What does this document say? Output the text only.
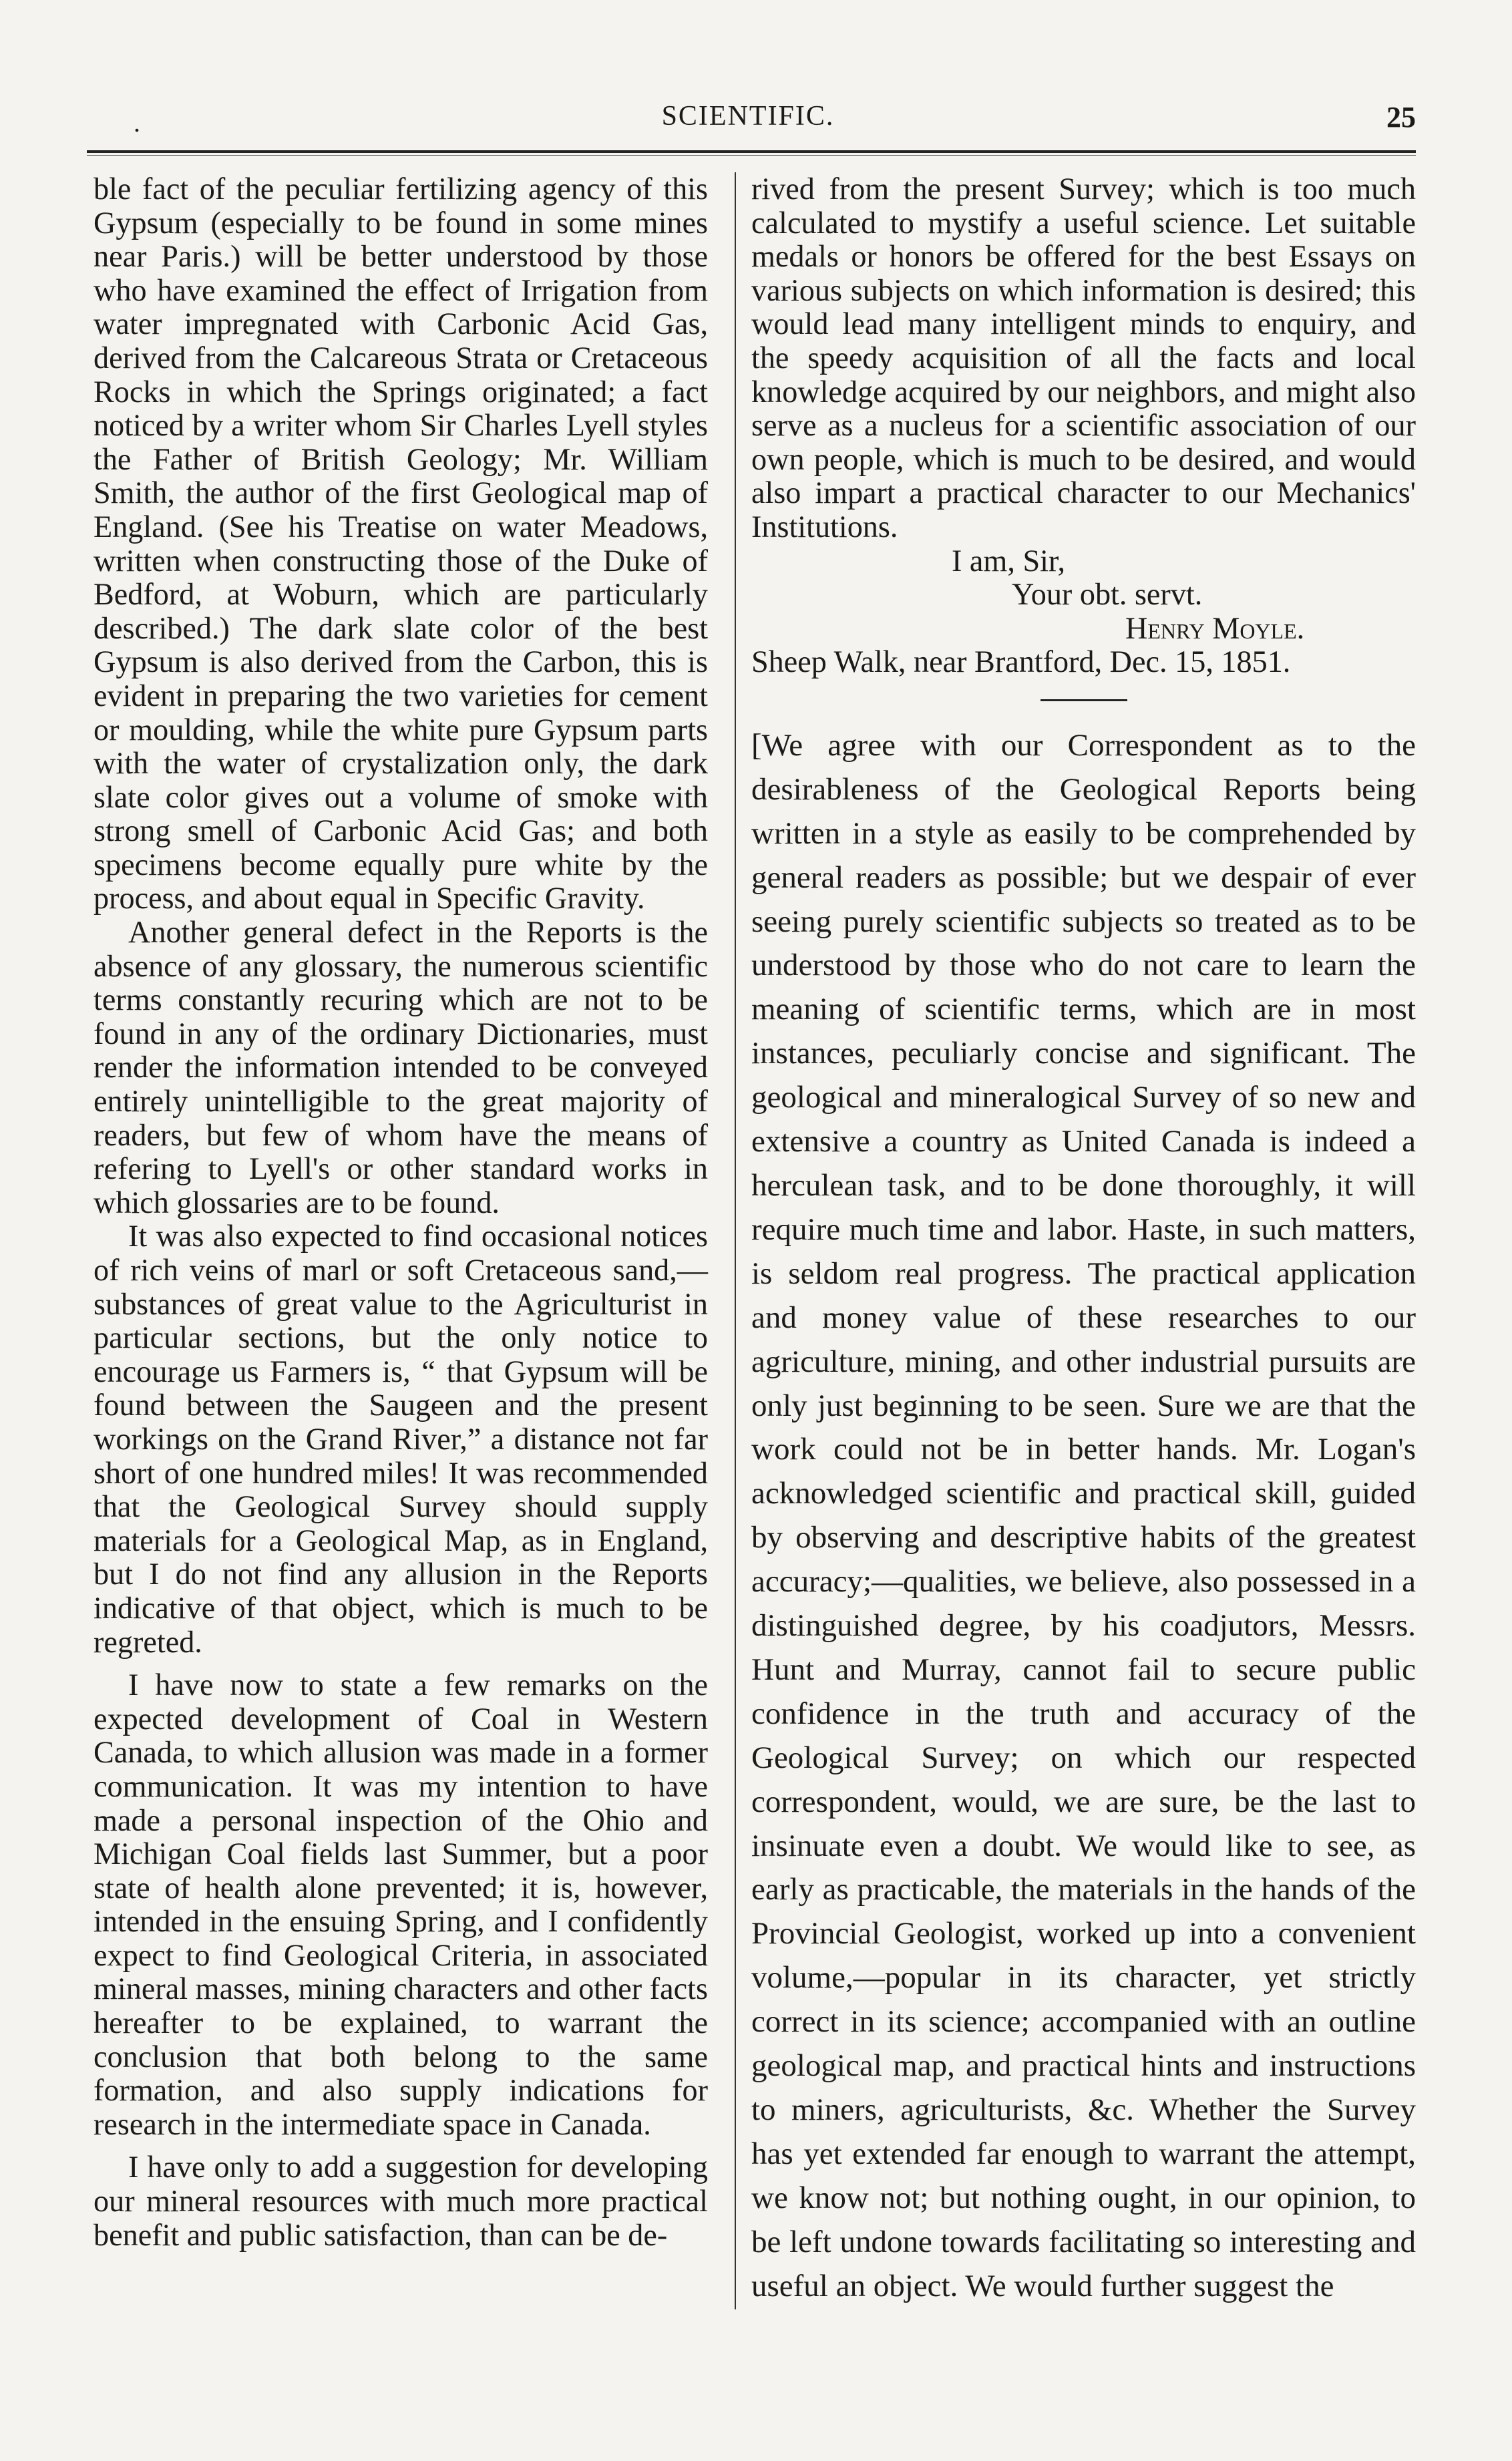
.	SCIENTIFIC.	25

ble fact of the peculiar fertilizing agency of this Gypsum (especially to be found in some mines near Paris.) will be better understood by those who have examined the effect of Irrigation from water impregnated with Carbonic Acid Gas, derived from the Calcareous Strata or Cretaceous Rocks in which the Springs originated; a fact noticed by a writer whom Sir Charles Lyell styles the Father of British Geology; Mr. William Smith, the author of the first Geological map of England. (See his Treatise on water Meadows, written when constructing those of the Duke of Bedford, at Woburn, which are particularly described.) The dark slate color of the best Gypsum is also derived from the Carbon, this is evident in preparing the two varieties for cement or moulding, while the white pure Gypsum parts with the water of crystalization only, the dark slate color gives out a volume of smoke with strong smell of Carbonic Acid Gas; and both specimens become equally pure white by the process, and about equal in Specific Gravity.

Another general defect in the Reports is the absence of any glossary, the numerous scientific terms constantly recuring which are not to be found in any of the ordinary Dictionaries, must render the information intended to be conveyed entirely unintelligible to the great majority of readers, but few of whom have the means of refering to Lyell's or other standard works in which glossaries are to be found.

It was also expected to find occasional notices of rich veins of marl or soft Cretaceous sand,—substances of great value to the Agriculturist in particular sections, but the only notice to encourage us Farmers is, “ that Gypsum will be found between the Saugeen and the present workings on the Grand River,” a distance not far short of one hundred miles! It was recommended that the Geological Survey should supply materials for a Geological Map, as in England, but I do not find any allusion in the Reports indicative of that object, which is much to be regreted.

I have now to state a few remarks on the expected development of Coal in Western Canada, to which allusion was made in a former communication. It was my intention to have made a personal inspection of the Ohio and Michigan Coal fields last Summer, but a poor state of health alone prevented; it is, however, intended in the ensuing Spring, and I confidently expect to find Geological Criteria, in associated mineral masses, mining characters and other facts hereafter to be explained, to warrant the conclusion that both belong to the same formation, and also supply indications for research in the intermediate space in Canada.

I have only to add a suggestion for developing our mineral resources with much more practical benefit and public satisfaction, than can be de-

rived from the present Survey; which is too much calculated to mystify a useful science. Let suitable medals or honors be offered for the best Essays on various subjects on which information is desired; this would lead many intelligent minds to enquiry, and the speedy acquisition of all the facts and local knowledge acquired by our neighbors, and might also serve as a nucleus for a scientific association of our own people, which is much to be desired, and would also impart a practical character to our Mechanics' Institutions.

I am, Sir,

Your obt. servt.

Henry Moyle.

Sheep Walk, near Brantford, Dec. 15, 1851.

[We agree with our Correspondent as to the desirableness of the Geological Reports being written in a style as easily to be comprehended by general readers as possible; but we despair of ever seeing purely scientific subjects so treated as to be understood by those who do not care to learn the meaning of scientific terms, which are in most instances, peculiarly concise and significant. The geological and mineralogical Survey of so new and extensive a country as United Canada is indeed a herculean task, and to be done thoroughly, it will require much time and labor. Haste, in such matters, is seldom real progress. The practical application and money value of these researches to our agriculture, mining, and other industrial pursuits are only just beginning to be seen. Sure we are that the work could not be in better hands. Mr. Logan's acknowledged scientific and practical skill, guided by observing and descriptive habits of the greatest accuracy;—qualities, we believe, also possessed in a distinguished degree, by his coadjutors, Messrs. Hunt and Murray, cannot fail to secure public confidence in the truth and accuracy of the Geological Survey; on which our respected correspondent, would, we are sure, be the last to insinuate even a doubt. We would like to see, as early as practicable, the materials in the hands of the Provincial Geologist, worked up into a convenient volume,—popular in its character, yet strictly correct in its science; accompanied with an outline geological map, and practical hints and instructions to miners, agriculturists, &c. Whether the Survey has yet extended far enough to warrant the attempt, we know not; but nothing ought, in our opinion, to be left undone towards facilitating so interesting and useful an object. We would further suggest the
